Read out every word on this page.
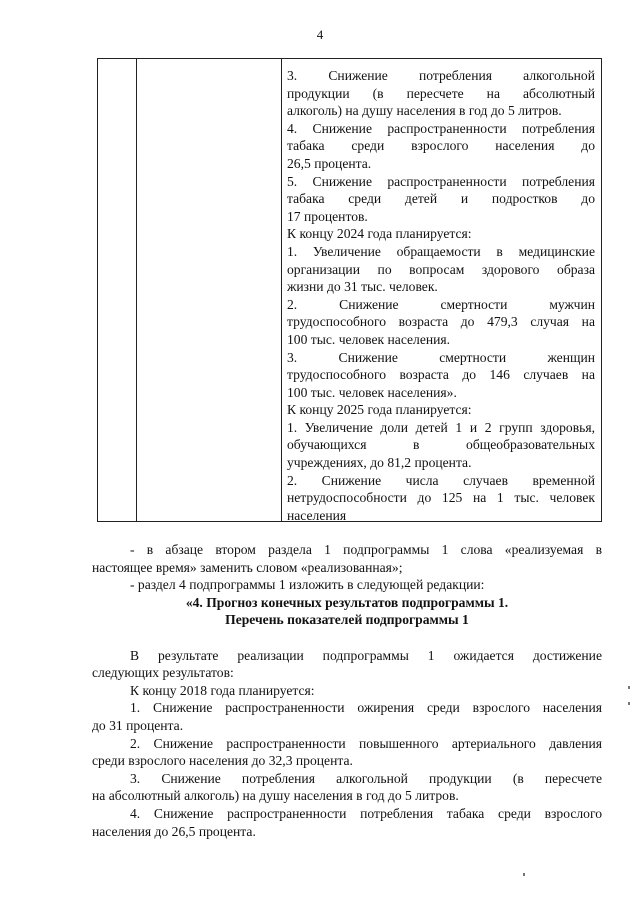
4
3. Снижение потребления алкогольной
продукции (в пересчете на абсолютный
алкоголь) на душу населения в год до 5 литров.
4. Снижение распространенности потребления
табака среди взрослого населения до
26,5 процента.
5. Снижение распространенности потребления
табака среди детей и подростков до
17 процентов.
К концу 2024 года планируется:
1. Увеличение обращаемости в медицинские
организации по вопросам здорового образа
жизни до 31 тыс. человек.
2. Снижение смертности мужчин
трудоспособного возраста до 479,3 случая на
100 тыс. человек населения.
3. Снижение смертности женщин
трудоспособного возраста до 146 случаев на
100 тыс. человек населения».
К концу 2025 года планируется:
1. Увеличение доли детей 1 и 2 групп здоровья,
обучающихся в общеобразовательных
учреждениях, до 81,2 процента.
2. Снижение числа случаев временной
нетрудоспособности до 125 на 1 тыс. человек
населения
- в абзаце втором раздела 1 подпрограммы 1 слова «реализуемая в
настоящее время» заменить словом «реализованная»;
- раздел 4 подпрограммы 1 изложить в следующей редакции:
«4. Прогноз конечных результатов подпрограммы 1.
Перечень показателей подпрограммы 1
В результате реализации подпрограммы 1 ожидается достижение
следующих результатов:
К концу 2018 года планируется:
1. Снижение распространенности ожирения среди взрослого населения
до 31 процента.
2. Снижение распространенности повышенного артериального давления
среди взрослого населения до 32,3 процента.
3. Снижение потребления алкогольной продукции (в пересчете
на абсолютный алкоголь) на душу населения в год до 5 литров.
4. Снижение распространенности потребления табака среди взрослого
населения до 26,5 процента.
